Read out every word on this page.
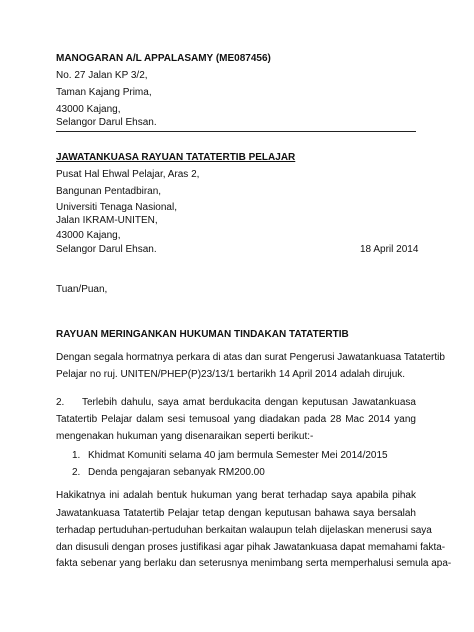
MANOGARAN A/L APPALASAMY (ME087456)
No. 27 Jalan KP 3/2,
Taman Kajang Prima,
43000 Kajang,
Selangor Darul Ehsan.
JAWATANKUASA RAYUAN TATATERTIB PELAJAR
Pusat Hal Ehwal Pelajar, Aras 2,
Bangunan Pentadbiran,
Universiti Tenaga Nasional,
Jalan IKRAM-UNITEN,
43000 Kajang,
Selangor Darul Ehsan.	18 April 2014
Tuan/Puan,
RAYUAN MERINGANKAN HUKUMAN TINDAKAN TATATERTIB
Dengan segala hormatnya perkara di atas dan surat Pengerusi Jawatankuasa Tatatertib
Pelajar no ruj. UNITEN/PHEP(P)23/13/1 bertarikh 14 April 2014 adalah dirujuk.
2. Terlebih dahulu, saya amat berdukacita dengan keputusan Jawatankuasa
Tatatertib Pelajar dalam sesi temusoal yang diadakan pada 28 Mac 2014 yang
mengenakan hukuman yang disenaraikan seperti berikut:-
1. Khidmat Komuniti selama 40 jam bermula Semester Mei 2014/2015
2. Denda pengajaran sebanyak RM200.00
Hakikatnya ini adalah bentuk hukuman yang berat terhadap saya apabila pihak
Jawatankuasa Tatatertib Pelajar tetap dengan keputusan bahawa saya bersalah
terhadap pertuduhan-pertuduhan berkaitan walaupun telah dijelaskan menerusi saya
dan disusuli dengan proses justifikasi agar pihak Jawatankuasa dapat memahami fakta-
fakta sebenar yang berlaku dan seterusnya menimbang serta memperhalusi semula apa-
